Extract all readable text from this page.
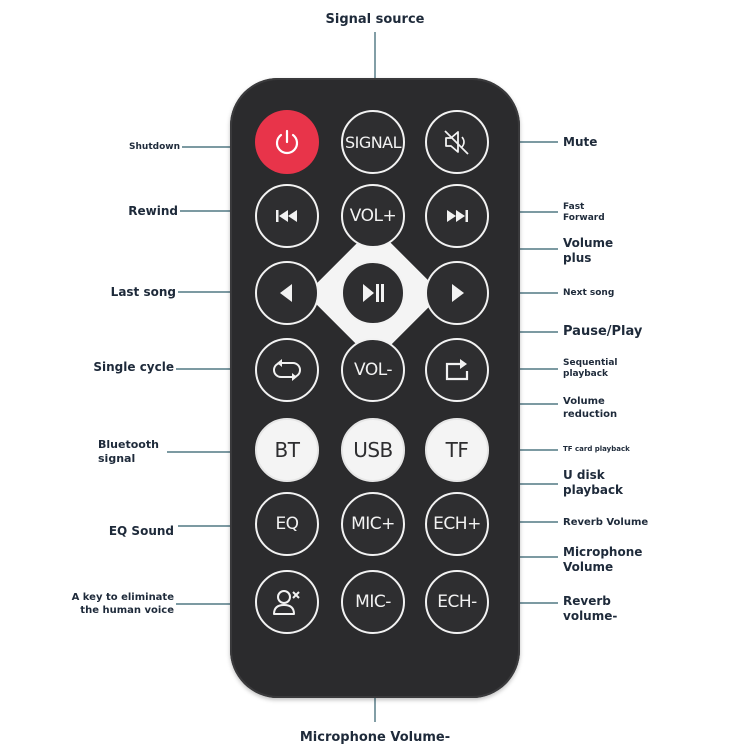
SIGNAL
VOL+
VOL-
BT	USB	TF
EQ	MIC+ ECH+
MIC-	ECH-
Signal source
Shutdown	Mute
Rewind	Fast
Forward
Volume
plus
Last song	Next song
Pause/Play
Single cycle	Sequential
playback
Volume
reduction
Bluetooth
signal
TF card playback
U disk
playback
EQ Sound
Reverb Volume
Microphone
Volume
A key to eliminate
the human voice
Reverb
volume-
Microphone Volume-
